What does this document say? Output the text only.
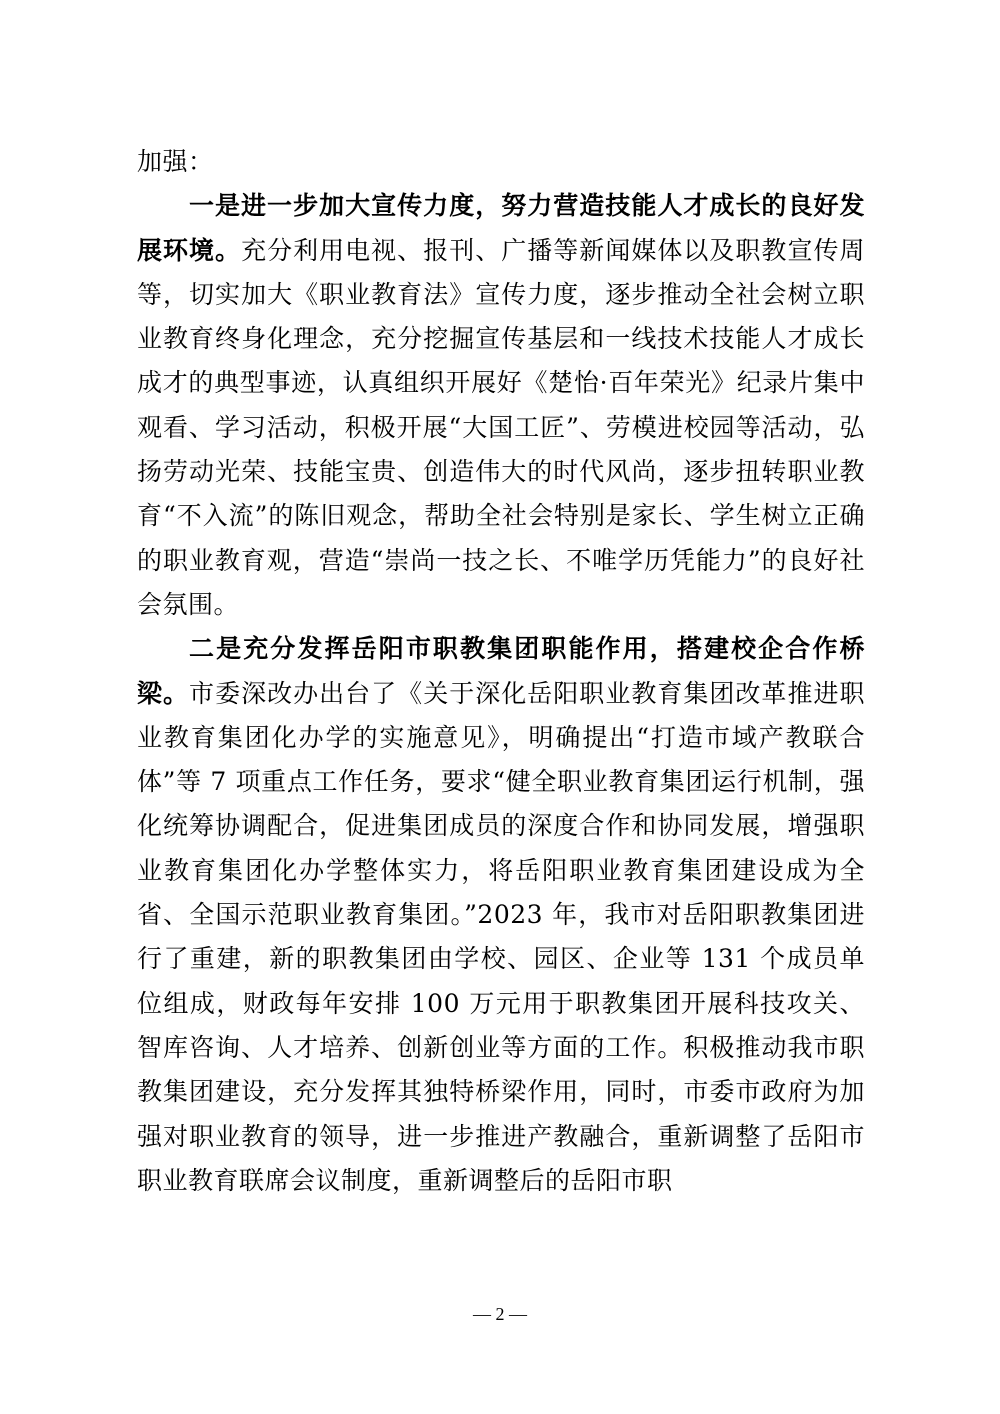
加强：

一是进一步加大宣传力度，努力营造技能人才成长的良好发展环境。充分利用电视、报刊、广播等新闻媒体以及职教宣传周等，切实加大《职业教育法》宣传力度，逐步推动全社会树立职业教育终身化理念，充分挖掘宣传基层和一线技术技能人才成长成才的典型事迹，认真组织开展好《楚怡·百年荣光》纪录片集中观看、学习活动，积极开展“大国工匠”、劳模进校园等活动，弘扬劳动光荣、技能宝贵、创造伟大的时代风尚，逐步扭转职业教育“不入流”的陈旧观念，帮助全社会特别是家长、学生树立正确的职业教育观，营造“崇尚一技之长、不唯学历凭能力”的良好社会氛围。

二是充分发挥岳阳市职教集团职能作用，搭建校企合作桥梁。市委深改办出台了《关于深化岳阳职业教育集团改革推进职业教育集团化办学的实施意见》，明确提出“打造市域产教联合体”等 7 项重点工作任务，要求“健全职业教育集团运行机制，强化统筹协调配合，促进集团成员的深度合作和协同发展，增强职业教育集团化办学整体实力，将岳阳职业教育集团建设成为全省、全国示范职业教育集团。”2023 年，我市对岳阳职教集团进行了重建，新的职教集团由学校、园区、企业等 131 个成员单位组成，财政每年安排 100 万元用于职教集团开展科技攻关、智库咨询、人才培养、创新创业等方面的工作。积极推动我市职教集团建设，充分发挥其独特桥梁作用，同时，市委市政府为加强对职业教育的领导，进一步推进产教融合，重新调整了岳阳市职业教育联席会议制度，重新调整后的岳阳市职

— 2 —
